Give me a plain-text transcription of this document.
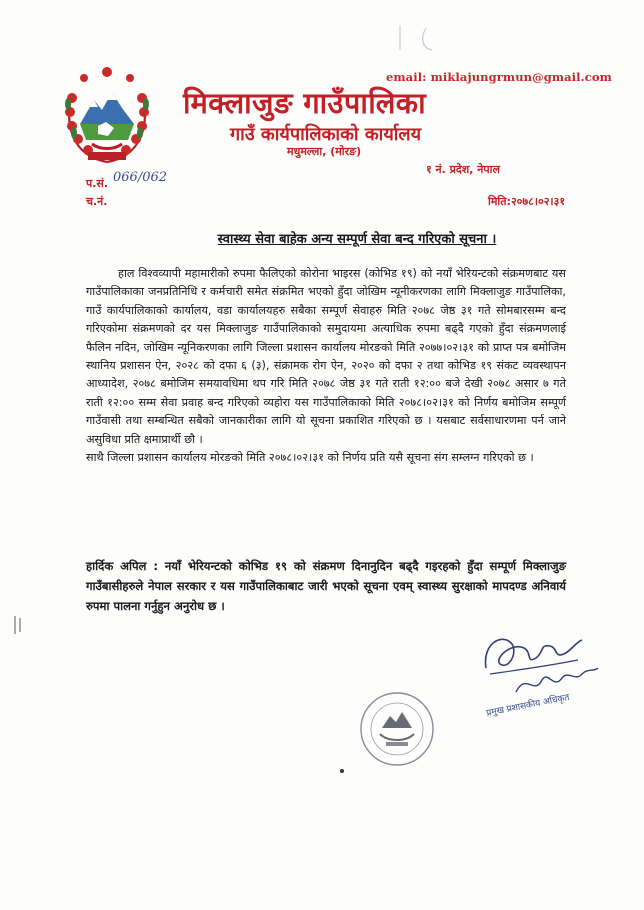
email: miklajungrmun@gmail.com
मिक्लाजुङ गाउँपालिका
गाउँ कार्यपालिकाको कार्यालय
मधुमल्ला, (मोरङ)
१ नं. प्रदेश, नेपाल
प.सं. 066/062
च.नं.	मिति:२०७८।०२।३१
स्वास्थ्य सेवा बाहेक अन्य सम्पूर्ण सेवा बन्द गरिएको सूचना ।

हाल विश्वव्यापी महामारीको रुपमा फैलिएको कोरोना भाइरस (कोभिड १९) को नयाँ भेरियन्टको संक्रमणबाट यस गाउँपालिकाका जनप्रतिनिधि र कर्मचारी समेत संक्रमित भएको हुँदा जोखिम न्यूनीकरणका लागि मिक्लाजुङ गाउँपालिका, गाउँ कार्यपालिकाको कार्यालय, वडा कार्यालयहरु सबैका सम्पूर्ण सेवाहरु मिति २०७८ जेष्ठ ३१ गते सोमबारसम्म बन्द गरिएकोमा संक्रमणको दर यस मिक्लाजुङ गाउँपालिकाको समुदायमा अत्याधिक रुपमा बढ्दै गएको हुँदा संक्रमणलाई फैलिन नदिन, जोखिम न्यूनिकरणका लागि जिल्ला प्रशासन कार्यालय मोरङको मिति २०७७।०२।३१ को प्राप्त पत्र बमोजिम स्थानिय प्रशासन ऐन, २०२८ को दफा ६ (३), संक्रामक रोग ऐन, २०२० को दफा २ तथा कोभिड १९ संकट व्यवस्थापन आध्यादेश, २०७८ बमोजिम समयावधिमा थप गरि मिति २०७८ जेष्ठ ३१ गते राती १२:०० बजे देखी २०७८ असार ७ गते राती १२:०० सम्म सेवा प्रवाह बन्द गरिएको व्यहोरा यस गाउँपालिकाको मिति २०७८।०२।३१ को निर्णय बमोजिम सम्पूर्ण गाउँवासी तथा सम्बन्धित सबैको जानकारीका लागि यो सूचना प्रकाशित गरिएको छ । यसबाट सर्वसाधारणमा पर्न जाने असुविधा प्रति क्षमाप्रार्थी छौ ।

साथै जिल्ला प्रशासन कार्यालय मोरङको मिति २०७८।०२।३१ को निर्णय प्रति यसै सूचना संग सम्लग्न गरिएको छ ।

हार्दिक अपिल : नयाँ भेरियन्टको कोभिड १९ को संक्रमण दिनानुदिन बढ्दै गइरहको हुँदा सम्पूर्ण मिक्लाजुङ गाउँबासीहरुले नेपाल सरकार र यस गाउँपालिकाबाट जारी भएको सूचना एवम् स्वास्थ्य सुरक्षाको मापदण्ड अनिवार्य रुपमा पालना गर्नुहुन अनुरोध छ ।

प्रमुख प्रशासकीय अधिकृत
